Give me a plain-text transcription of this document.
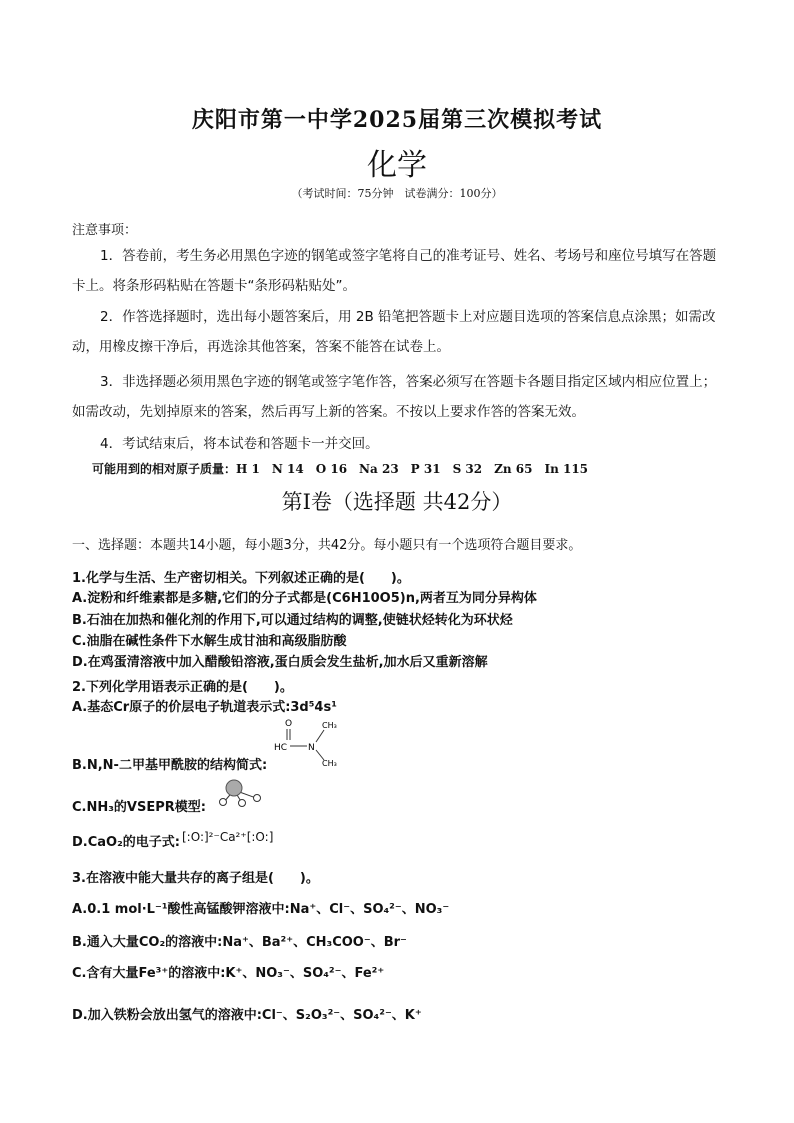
庆阳市第一中学2025届第三次模拟考试
化学
（考试时间：75分钟　试卷满分：100分）
注意事项：
1．答卷前，考生务必用黑色字迹的钢笔或签字笔将自己的准考证号、姓名、考场号和座位号填写在答题卡上。将条形码粘贴在答题卡“条形码粘贴处”。
2．作答选择题时，选出每小题答案后，用 2B 铅笔把答题卡上对应题目选项的答案信息点涂黑；如需改动，用橡皮擦干净后，再选涂其他答案，答案不能答在试卷上。
3．非选择题必须用黑色字迹的钢笔或签字笔作答，答案必须写在答题卡各题目指定区域内相应位置上；如需改动，先划掉原来的答案，然后再写上新的答案。不按以上要求作答的答案无效。
4．考试结束后，将本试卷和答题卡一并交回。
可能用到的相对原子质量：H 1　N 14　O 16　Na 23　P 31　S 32　Zn 65　In 115
第Ⅰ卷（选择题 共42分）
一、选择题：本题共14小题，每小题3分，共42分。每小题只有一个选项符合题目要求。
1.化学与生活、生产密切相关。下列叙述正确的是(　　)。
A.淀粉和纤维素都是多糖,它们的分子式都是(C6H10O5)n,两者互为同分异构体
B.石油在加热和催化剂的作用下,可以通过结构的调整,使链状烃转化为环状烃
C.油脂在碱性条件下水解生成甘油和高级脂肪酸
D.在鸡蛋清溶液中加入醋酸铅溶液,蛋白质会发生盐析,加水后又重新溶解
2.下列化学用语表示正确的是(　　)。
A.基态Cr原子的价层电子轨道表示式:3d⁵4s¹
O
HC N
CH₃
CH₃
B.N,N-二甲基甲酰胺的结构简式:
C.NH₃的VSEPR模型:
D.CaO₂的电子式: [:O:]²⁻Ca²⁺[:O:]
3.在溶液中能大量共存的离子组是(　　)。
A.0.1 mol·L⁻¹酸性高锰酸钾溶液中:Na⁺、Cl⁻、SO₄²⁻、NO₃⁻
B.通入大量CO₂的溶液中:Na⁺、Ba²⁺、CH₃COO⁻、Br⁻
C.含有大量Fe³⁺的溶液中:K⁺、NO₃⁻、SO₄²⁻、Fe²⁺
D.加入铁粉会放出氢气的溶液中:Cl⁻、S₂O₃²⁻、SO₄²⁻、K⁺
